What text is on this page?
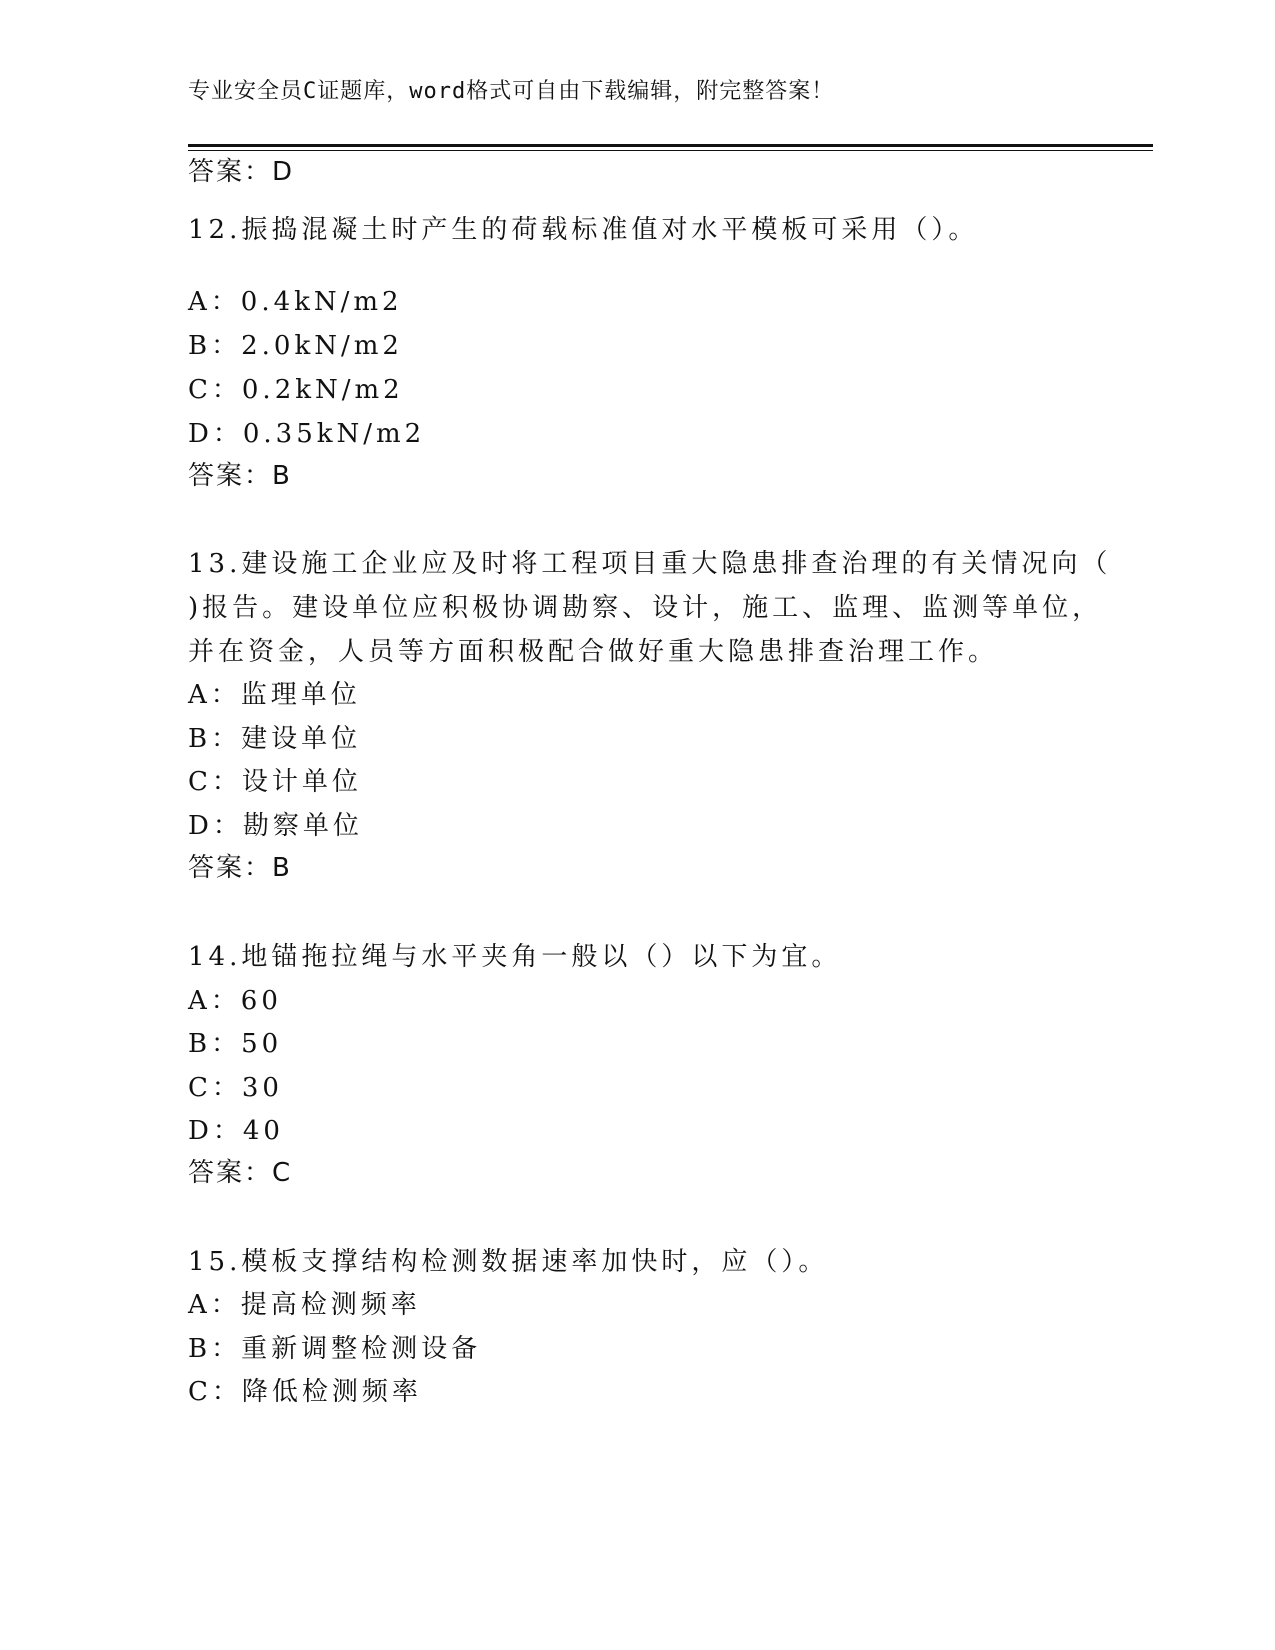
专业安全员C证题库，word格式可自由下载编辑，附完整答案！
答案：D
12.振捣混凝土时产生的荷载标准值对水平模板可采用（）。
A：0.4kN/m2
B：2.0kN/m2
C：0.2kN/m2
D：0.35kN/m2
答案：B
13.建设施工企业应及时将工程项目重大隐患排查治理的有关情况向（
)报告。建设单位应积极协调勘察、设计，施工、监理、监测等单位，
并在资金，人员等方面积极配合做好重大隐患排查治理工作。
A：监理单位
B：建设单位
C：设计单位
D：勘察单位
答案：B
14.地锚拖拉绳与水平夹角一般以（）以下为宜。
A：60
B：50
C：30
D：40
答案：C
15.模板支撑结构检测数据速率加快时，应（）。
A：提高检测频率
B：重新调整检测设备
C：降低检测频率
